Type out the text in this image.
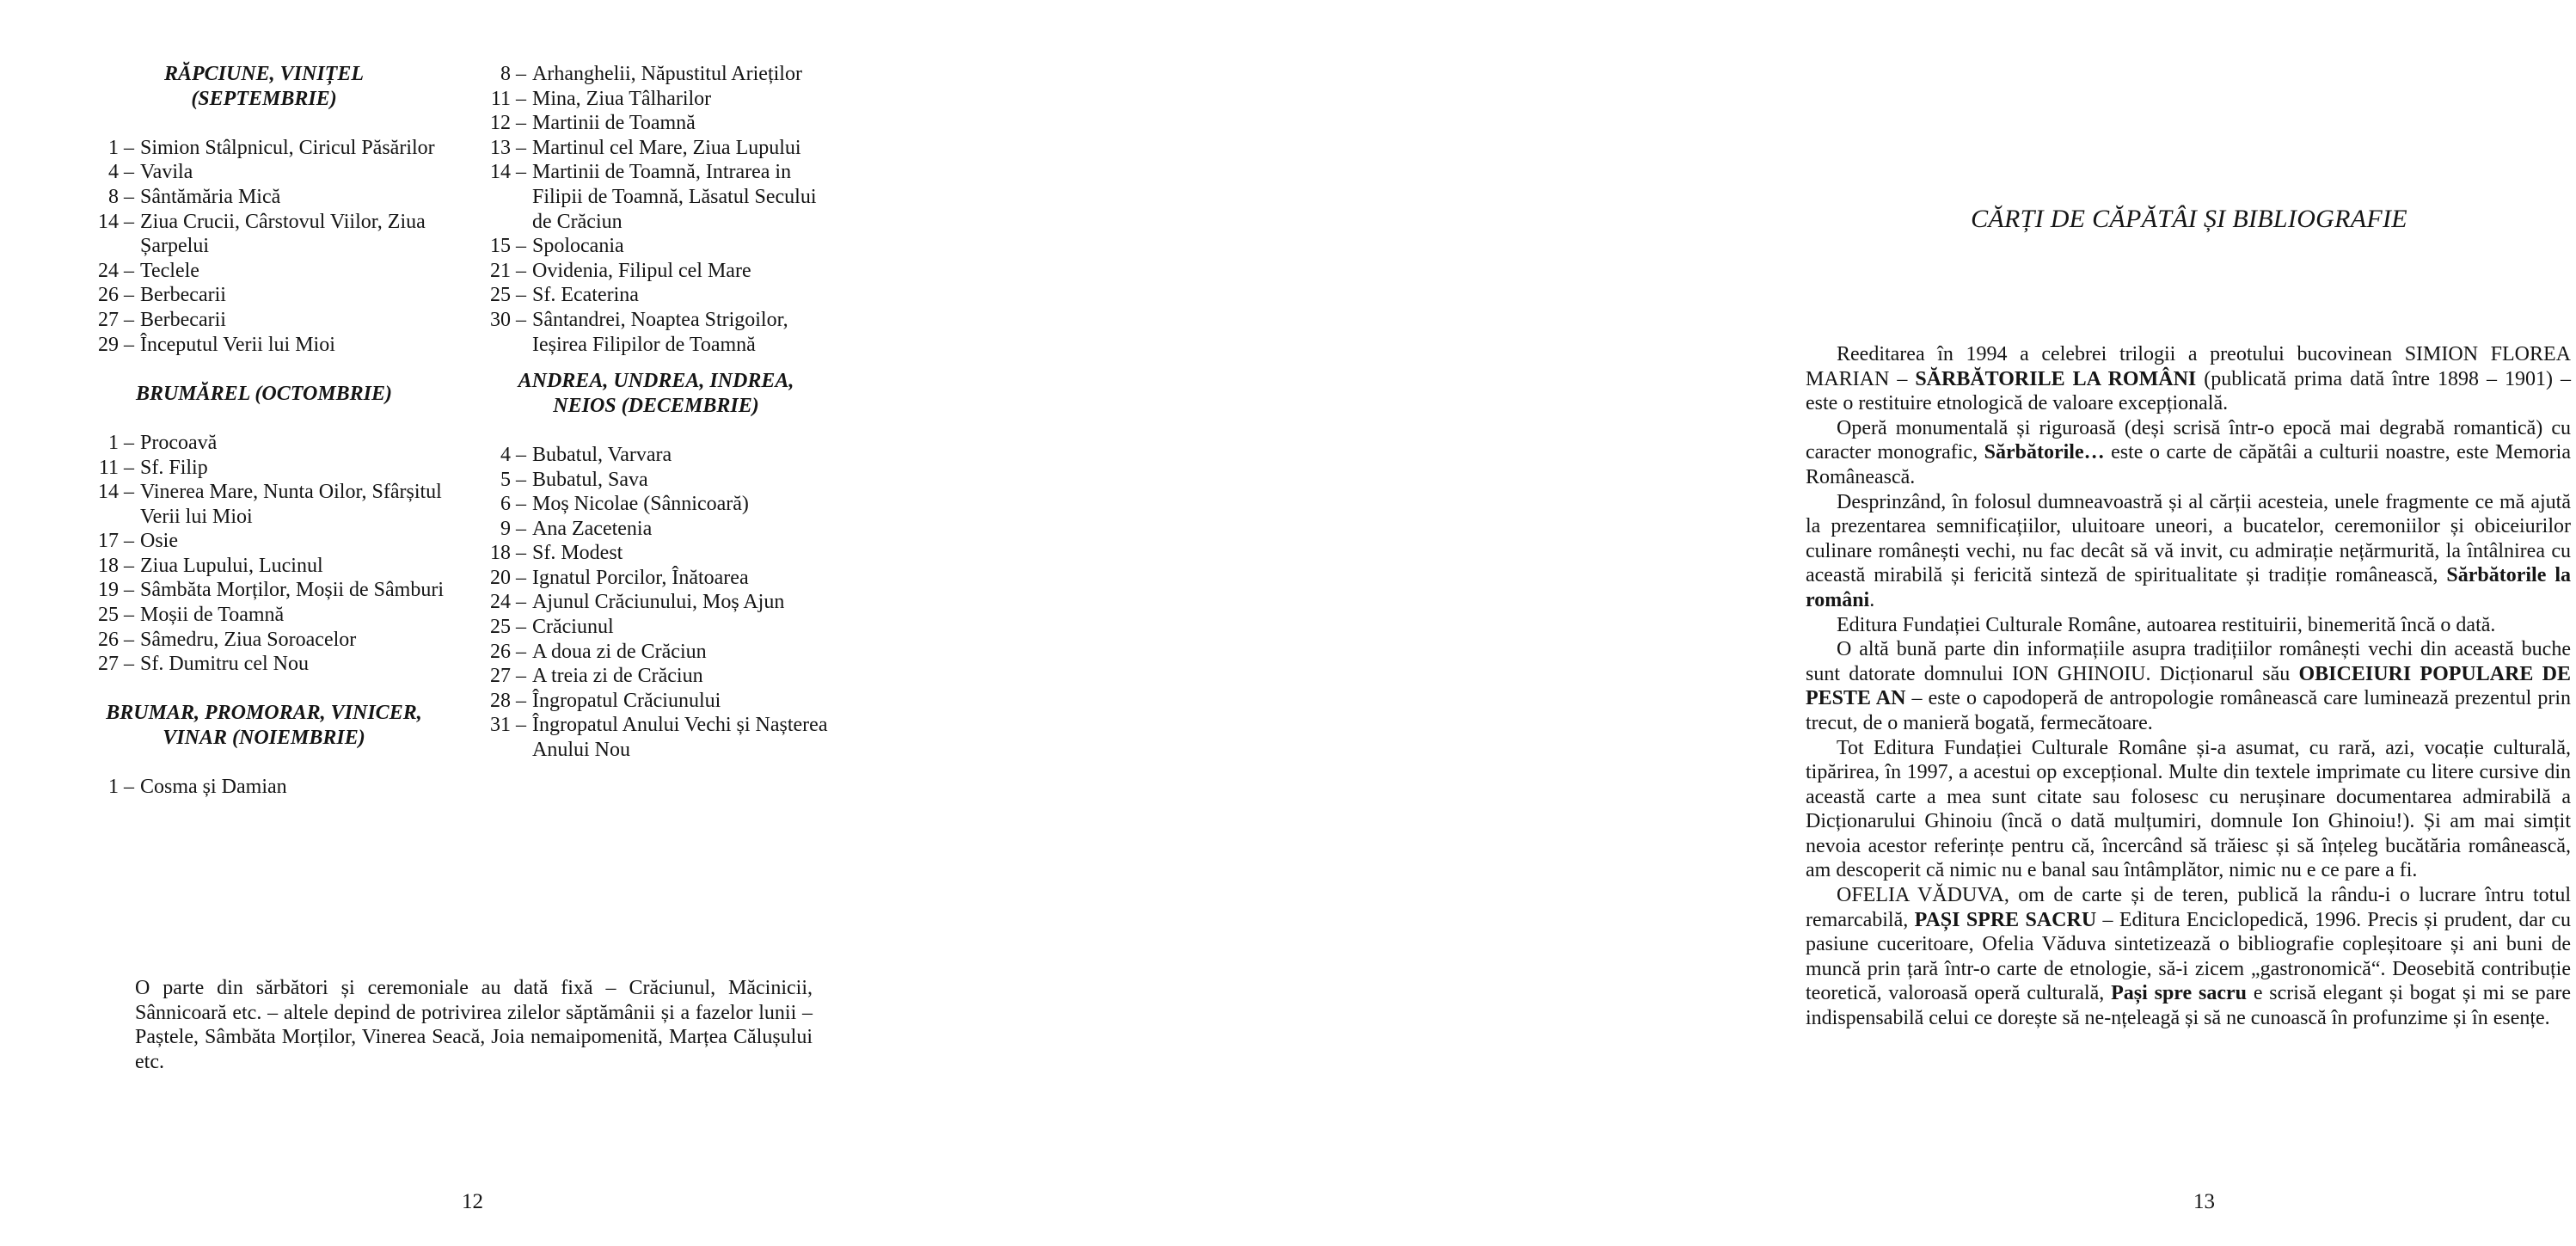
RĂPCIUNE, VINIȚEL
(SEPTEMBRIE)
1 – Simion Stâlpnicul, Ciricul Păsărilor
4 – Vavila
8 – Sântămăria Mică
14 – Ziua Crucii, Cârstovul Viilor, Ziua Șarpelui
24 – Teclele
26 – Berbecarii
27 – Berbecarii
29 – Începutul Verii lui Mioi
BRUMĂREL (OCTOMBRIE)
1 – Procoavă
11 – Sf. Filip
14 – Vinerea Mare, Nunta Oilor, Sfârșitul Verii lui Mioi
17 – Osie
18 – Ziua Lupului, Lucinul
19 – Sâmbăta Morților, Moșii de Sâmburi
25 – Moșii de Toamnă
26 – Sâmedru, Ziua Soroacelor
27 – Sf. Dumitru cel Nou
BRUMAR, PROMORAR, VINICER,
VINAR (NOIEMBRIE)
1 – Cosma și Damian
8 – Arhanghelii, Năpustitul Arieților
11 – Mina, Ziua Tâlharilor
12 – Martinii de Toamnă
13 – Martinul cel Mare, Ziua Lupului
14 – Martinii de Toamnă, Intrarea in Filipii de Toamnă, Lăsatul Secului de Crăciun
15 – Spolocania
21 – Ovidenia, Filipul cel Mare
25 – Sf. Ecaterina
30 – Sântandrei, Noaptea Strigoilor, Ieșirea Filipilor de Toamnă
ANDREA, UNDREA, INDREA,
NEIOS (DECEMBRIE)
4 – Bubatul, Varvara
5 – Bubatul, Sava
6 – Moș Nicolae (Sânnicoară)
9 – Ana Zacetenia
18 – Sf. Modest
20 – Ignatul Porcilor, Înătoarea
24 – Ajunul Crăciunului, Moș Ajun
25 – Crăciunul
26 – A doua zi de Crăciun
27 – A treia zi de Crăciun
28 – Îngropatul Crăciunului
31 – Îngropatul Anului Vechi și Nașterea Anului Nou

O parte din sărbători și ceremoniale au dată fixă – Crăciunul, Măcinicii, Sânnicoară etc. – altele depind de potrivirea zilelor săptămânii și a fazelor lunii – Paștele, Sâmbăta Morților, Vinerea Seacă, Joia nemaipomenită, Marțea Călușului etc.

12
CĂRȚI DE CĂPĂTÂI ȘI BIBLIOGRAFIE

Reeditarea în 1994 a celebrei trilogii a preotului bucovinean SIMION FLOREA MARIAN – SĂRBĂTORILE LA ROMÂNI (publicată prima dată între 1898 – 1901) – este o restituire etnologică de valoare excepțională.

Operă monumentală și riguroasă (deși scrisă într-o epocă mai degrabă romantică) cu caracter monografic, Sărbătorile… este o carte de căpătâi a culturii noastre, este Memoria Românească.

Desprinzând, în folosul dumneavoastră și al cărții acesteia, unele fragmente ce mă ajută la prezentarea semnificațiilor, uluitoare uneori, a bucatelor, ceremoniilor și obiceiurilor culinare românești vechi, nu fac decât să vă invit, cu admirație nețărmurită, la întâlnirea cu această mirabilă și fericită sinteză de spiritualitate și tradiție românească, Sărbătorile la români.

Editura Fundației Culturale Române, autoarea restituirii, binemerită încă o dată.

O altă bună parte din informațiile asupra tradițiilor românești vechi din această buche sunt datorate domnului ION GHINOIU. Dicționarul său OBICEIURI POPULARE DE PESTE AN – este o capodoperă de antropologie românească care luminează prezentul prin trecut, de o manieră bogată, fermecătoare.

Tot Editura Fundației Culturale Române și-a asumat, cu rară, azi, vocație culturală, tipărirea, în 1997, a acestui op excepțional. Multe din textele imprimate cu litere cursive din această carte a mea sunt citate sau folosesc cu nerușinare documentarea admirabilă a Dicționarului Ghinoiu (încă o dată mulțumiri, domnule Ion Ghinoiu!). Și am mai simțit nevoia acestor referințe pentru că, încercând să trăiesc și să înțeleg bucătăria românească, am descoperit că nimic nu e banal sau întâmplător, nimic nu e ce pare a fi.

OFELIA VĂDUVA, om de carte și de teren, publică la rându-i o lucrare întru totul remarcabilă, PAȘI SPRE SACRU – Editura Enciclopedică, 1996. Precis și prudent, dar cu pasiune cuceritoare, Ofelia Văduva sintetizează o bibliografie copleșitoare și ani buni de muncă prin țară într-o carte de etnologie, să-i zicem „gastronomică“. Deosebită contribuție teoretică, valoroasă operă culturală, Pași spre sacru e scrisă elegant și bogat și mi se pare indispensabilă celui ce dorește să ne-nțeleagă și să ne cunoască în profunzime și în esențe.

13
